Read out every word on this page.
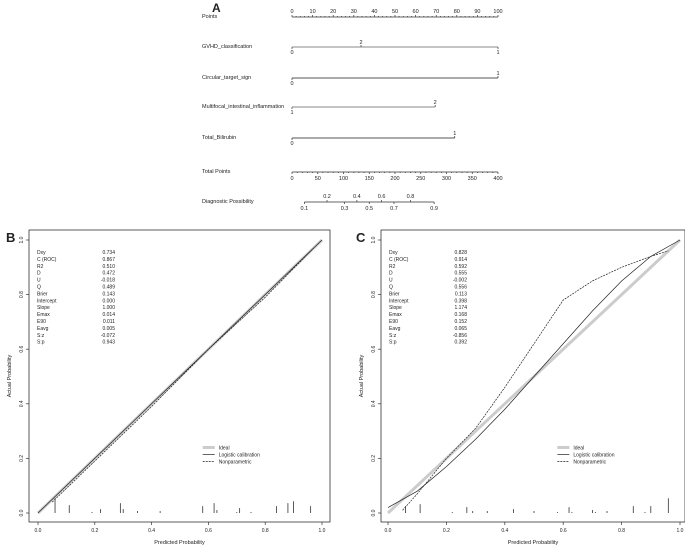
A
Points
0	10	20	30	40	50	60	70	80	90 100
GVHD_classification
0
2
1
Circular_target_sign
0
1
Multifocal_intestinal_inflammation
1
2
Total_Bilirubin
0
1
Total Points
0	50	100	150	200	250	300	350	400
Diagnostic Possibility
0.2	0.4	0.6	0.8
0.1	0.3	0.5	0.7	0.9
B
0.0
0.0
0.2
0.2
0.4
0.4
0.6
0.6
0.8
0.8
1.0
1.0
Predicted Probability
Actual Probability
Dxy	0.734
C (ROC)	0.867
R2	0.510
D	0.472
U	-0.018
Q	0.489
Brier	0.143
Intercept	0.000
Slope	1.000
Emax	0.014
E90	0.011
Eavg	0.005
S:z	-0.072
S:p	0.943
Ideal
Logistic calibration
Nonparametric
C
0.0
0.0
0.2
0.2
0.4
0.4
0.6
0.6
0.8
0.8
1.0
1.0
Predicted Probability
Actual Probability
Dxy	0.828
C (ROC)	0.914
R2	0.592
D	0.555
U	-0.002
Q	0.556
Brier	0.113
Intercept	0.398
Slope	1.174
Emax	0.168
E90	0.152
Eavg	0.065
S:z	-0.856
S:p	0.392
Ideal
Logistic calibration
Nonparametric
